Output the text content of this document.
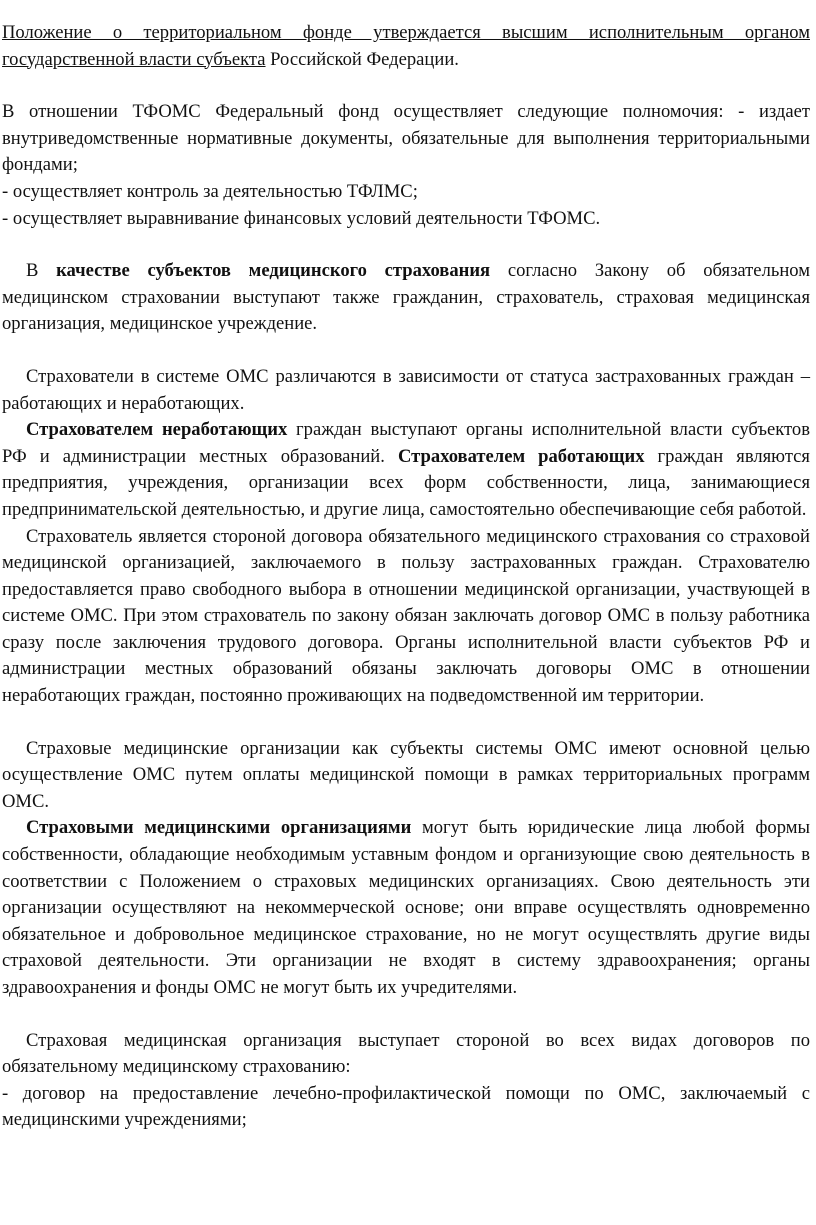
Положение о территориальном фонде утверждается высшим исполнительным органом государственной власти субъекта Российской Федерации.

В отношении ТФОМС Федеральный фонд осуществляет следующие полномочия: - издает внутриведомственные нормативные документы, обязательные для выполнения территориальными фондами;

- осуществляет контроль за деятельностью ТФЛМС;

- осуществляет выравнивание финансовых условий деятельности ТФОМС.

В качестве субъектов медицинского страхования согласно Закону об обязательном медицинском страховании выступают также гражданин, страхователь, страховая медицинская организация, медицинское учреждение.

Страхователи в системе ОМС различаются в зависимости от статуса застрахованных граждан – работающих и неработающих.

Страхователем неработающих граждан выступают органы исполнительной власти субъектов РФ и администрации местных образований. Страхователем работающих граждан являются предприятия, учреждения, организации всех форм собственности, лица, занимающиеся предпринимательской деятельностью, и другие лица, самостоятельно обеспечивающие себя работой.

Страхователь является стороной договора обязательного медицинского страхования со страховой медицинской организацией, заключаемого в пользу застрахованных граждан. Страхователю предоставляется право свободного выбора в отношении медицинской организации, участвующей в системе ОМС. При этом страхователь по закону обязан заключать договор ОМС в пользу работника сразу после заключения трудового договора. Органы исполнительной власти субъектов РФ и администрации местных образований обязаны заключать договоры ОМС в отношении неработающих граждан, постоянно проживающих на подведомственной им территории.

Страховые медицинские организации как субъекты системы ОМС имеют основной целью осуществление ОМС путем оплаты медицинской помощи в рамках территориальных программ ОМС.

Страховыми медицинскими организациями могут быть юридические лица любой формы собственности, обладающие необходимым уставным фондом и организующие свою деятельность в соответствии с Положением о страховых медицинских организациях. Свою деятельность эти организации осуществляют на некоммерческой основе; они вправе осуществлять одновременно обязательное и добровольное медицинское страхование, но не могут осуществлять другие виды страховой деятельности. Эти организации не входят в систему здравоохранения; органы здравоохранения и фонды ОМС не могут быть их учредителями.

Страховая медицинская организация выступает стороной во всех видах договоров по обязательному медицинскому страхованию:

- договор на предоставление лечебно-профилактической помощи по ОМС, заключаемый с медицинскими учреждениями;
